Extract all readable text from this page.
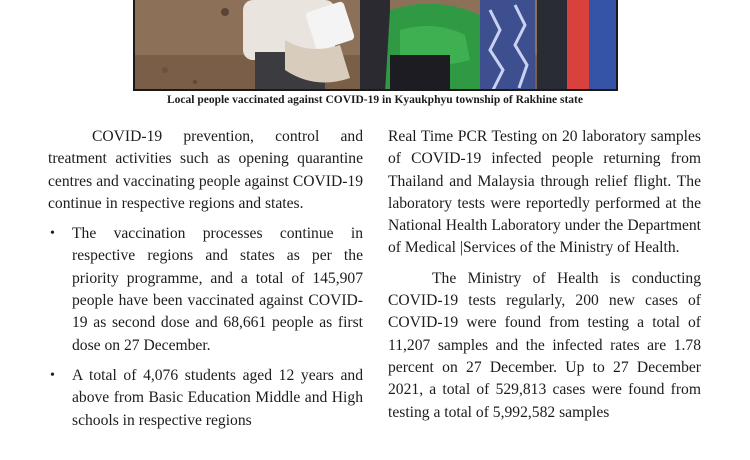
Local people vaccinated against COVID-19 in Kyaukphyu township of Rakhine state

COVID-19 prevention, control and treatment activities such as opening quarantine centres and vaccinating people against COVID-19 continue in respective regions and states.

• The vaccination processes continue in respective regions and states as per the priority programme, and a total of 145,907 people have been vaccinated against COVID-19 as second dose and 68,661 people as first dose on 27 December.
• A total of 4,076 students aged 12 years and above from Basic Education Middle and High schools in respective regions

Real Time PCR Testing on 20 laboratory samples of COVID-19 infected people returning from Thailand and Malaysia through relief flight. The laboratory tests were reportedly performed at the National Health Laboratory under the Department of Medical |Services of the Ministry of Health.

The Ministry of Health is conducting COVID-19 tests regularly, 200 new cases of COVID-19 were found from testing a total of 11,207 samples and the infected rates are 1.78 percent on 27 December. Up to 27 December 2021, a total of 529,813 cases were found from testing a total of 5,992,582 samples
